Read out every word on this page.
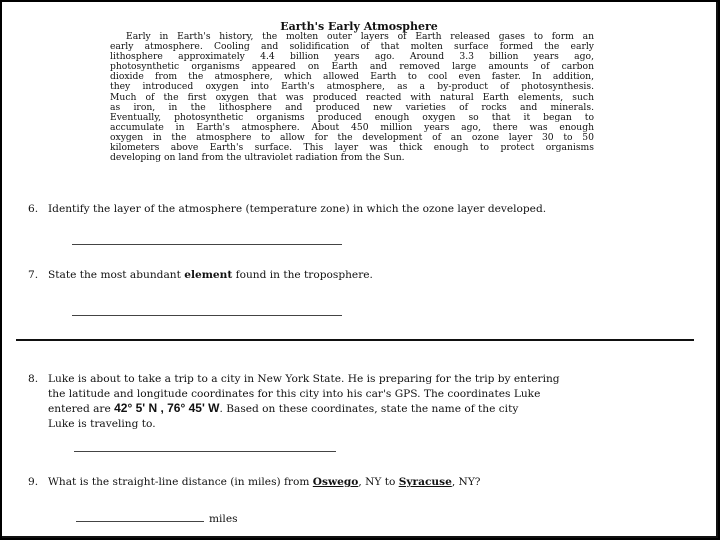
Earth's Early Atmosphere

Early in Earth's history, the molten outer layers of Earth released gases to form an
early atmosphere. Cooling and solidification of that molten surface formed the early
lithosphere approximately 4.4 billion years ago. Around 3.3 billion years ago,
photosynthetic organisms appeared on Earth and removed large amounts of carbon
dioxide from the atmosphere, which allowed Earth to cool even faster. In addition,
they introduced oxygen into Earth's atmosphere, as a by-product of photosynthesis.
Much of the first oxygen that was produced reacted with natural Earth elements, such
as iron, in the lithosphere and produced new varieties of rocks and minerals.
Eventually, photosynthetic organisms produced enough oxygen so that it began to
accumulate in Earth's atmosphere. About 450 million years ago, there was enough
oxygen in the atmosphere to allow for the development of an ozone layer 30 to 50
kilometers above Earth's surface. This layer was thick enough to protect organisms
developing on land from the ultraviolet radiation from the Sun.

6. Identify the layer of the atmosphere (temperature zone) in which the ozone layer developed.
7. State the most abundant element found in the troposphere.
8. Luke is about to take a trip to a city in New York State. He is preparing for the trip by entering
the latitude and longitude coordinates for this city into his car's GPS. The coordinates Luke
entered are 42° 5' N , 76° 45' W. Based on these coordinates, state the name of the city
Luke is traveling to.
9. What is the straight-line distance (in miles) from Oswego, NY to Syracuse, NY?
miles
